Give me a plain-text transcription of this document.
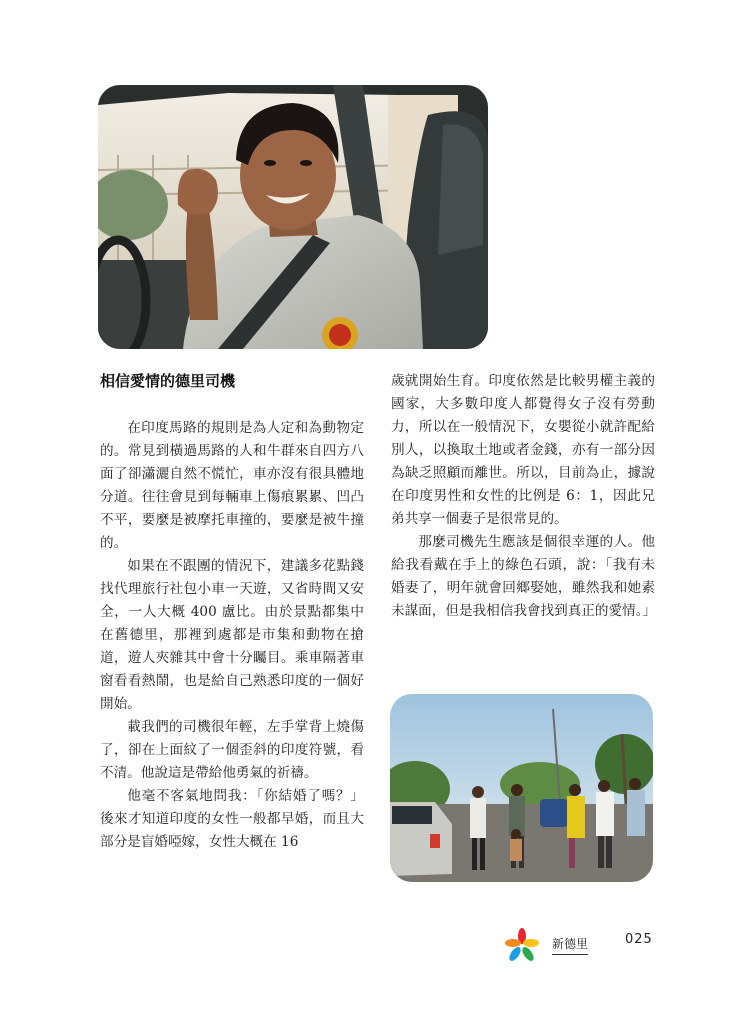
相信愛情的德里司機

在印度馬路的規則是為人定和為動物定的。常見到橫過馬路的人和牛群來自四方八面了卻瀟灑自然不慌忙，車亦沒有很具體地分道。往往會見到每輛車上傷痕累累、凹凸不平，要麼是被摩托車撞的，要麼是被牛撞的。

如果在不跟團的情況下，建議多花點錢找代理旅行社包小車一天遊，又省時間又安全，一人大概 400 盧比。由於景點都集中在舊德里，那裡到處都是市集和動物在搶道，遊人夾雜其中會十分矚目。乘車隔著車窗看看熱鬧，也是給自己熟悉印度的一個好開始。

載我們的司機很年輕，左手掌背上燒傷了，卻在上面紋了一個歪斜的印度符號，看不清。他說這是帶給他勇氣的祈禱。

他毫不客氣地問我：「你結婚了嗎？」後來才知道印度的女性一般都早婚，而且大部分是盲婚啞嫁，女性大概在 16

歲就開始生育。印度依然是比較男權主義的國家，大多數印度人都覺得女子沒有勞動力，所以在一般情況下，女嬰從小就許配給別人，以換取土地或者金錢，亦有一部分因為缺乏照顧而離世。所以，目前為止，據說在印度男性和女性的比例是 6：1，因此兄弟共享一個妻子是很常見的。

那麼司機先生應該是個很幸運的人。他給我看戴在手上的綠色石頭，說：「我有未婚妻了，明年就會回鄉娶她，雖然我和她素未謀面，但是我相信我會找到真正的愛情。」

新德里	025
